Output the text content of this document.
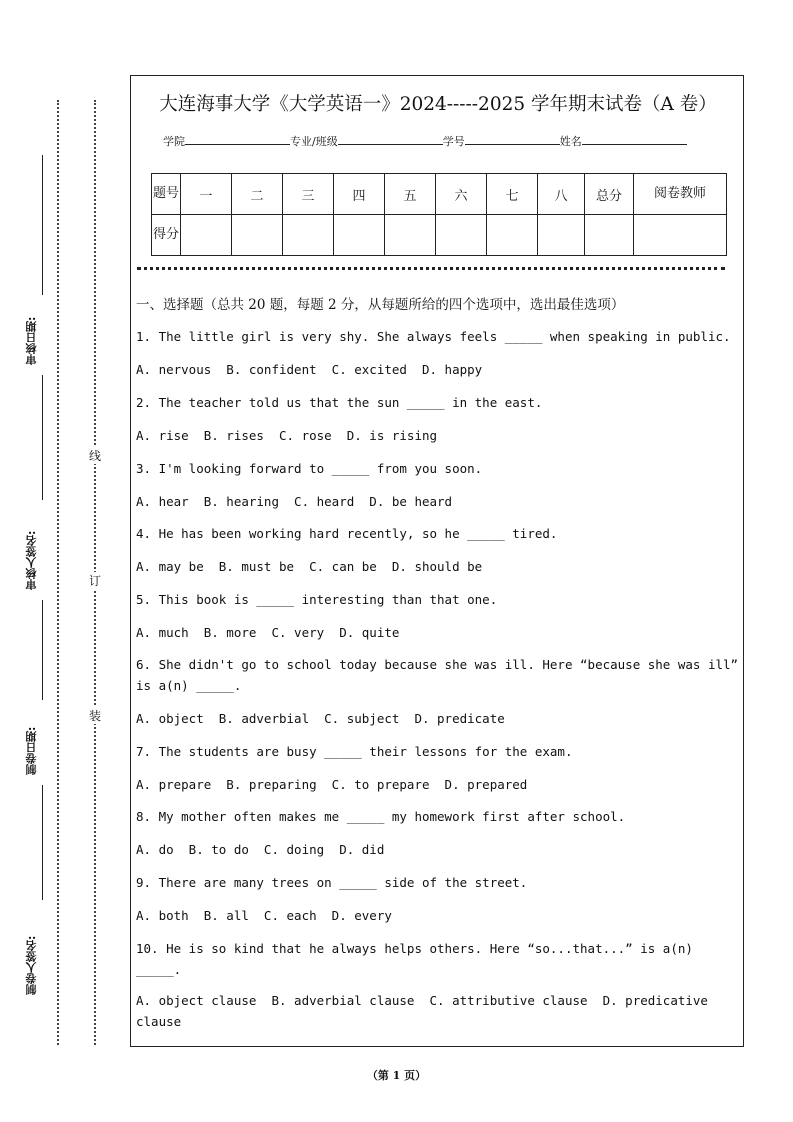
审核日期:
审核人签名:
制卷日期:
制卷人签名:
线
订
装
大连海事大学《大学英语一》2024-----2025 学年期末试卷（A 卷）
学院	专业/班级	学号	姓名
题号	一	二	三	四	五	六	七	八	总分	阅卷教师
得分										
一、选择题（总共 20 题，每题 2 分，从每题所给的四个选项中，选出最佳选项）
1. The little girl is very shy. She always feels _____ when speaking in public.
A. nervous  B. confident  C. excited  D. happy
2. The teacher told us that the sun _____ in the east.
A. rise  B. rises  C. rose  D. is rising
3. I'm looking forward to _____ from you soon.
A. hear  B. hearing  C. heard  D. be heard
4. He has been working hard recently, so he _____ tired.
A. may be  B. must be  C. can be  D. should be
5. This book is _____ interesting than that one.
A. much  B. more  C. very  D. quite
6. She didn't go to school today because she was ill. Here “because she was ill” is a(n) _____.
A. object  B. adverbial  C. subject  D. predicate
7. The students are busy _____ their lessons for the exam.
A. prepare  B. preparing  C. to prepare  D. prepared
8. My mother often makes me _____ my homework first after school.
A. do  B. to do  C. doing  D. did
9. There are many trees on _____ side of the street.
A. both  B. all  C. each  D. every
10. He is so kind that he always helps others. Here “so...that...” is a(n) _____.
A. object clause  B. adverbial clause  C. attributive clause  D. predicative clause
（第 1 页）
